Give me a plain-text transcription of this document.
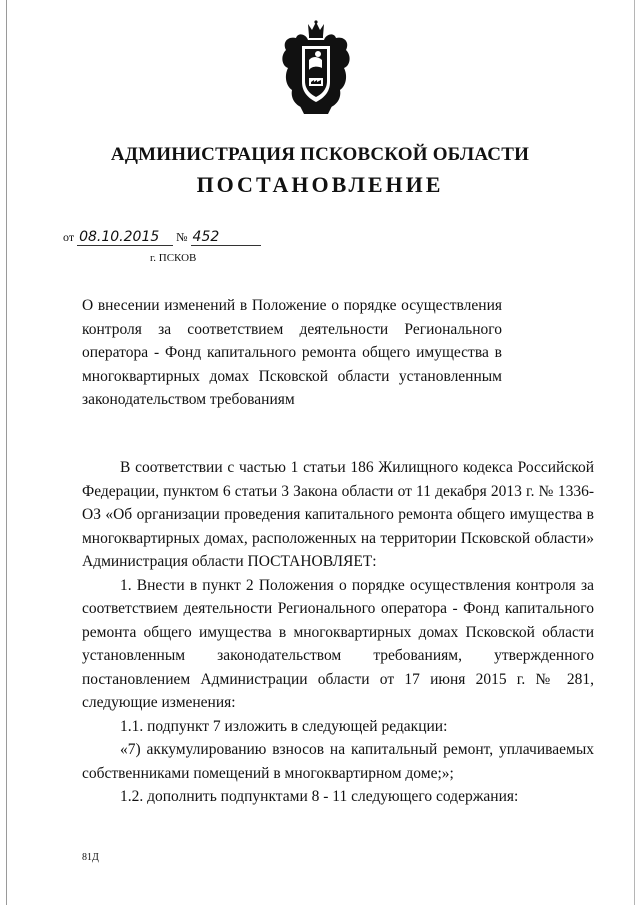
АДМИНИСТРАЦИЯ ПСКОВСКОЙ ОБЛАСТИ
ПОСТАНОВЛЕНИЕ
от 08.10.2015 № 452
г. ПСКОВ

О внесении изменений в Положение о порядке осуществления контроля за соответствием деятельности Регионального оператора - Фонд капитального ремонта общего имущества в многоквартирных домах Псковской области установленным законодательством требованиям

В соответствии с частью 1 статьи 186 Жилищного кодекса Российской Федерации, пунктом 6 статьи 3 Закона области от 11 декабря 2013 г. № 1336-ОЗ «Об организации проведения капитального ремонта общего имущества в многоквартирных домах, расположенных на территории Псковской области» Администрация области ПОСТАНОВЛЯЕТ:

1. Внести в пункт 2 Положения о порядке осуществления контроля за соответствием деятельности Регионального оператора - Фонд капитального ремонта общего имущества в многоквартирных домах Псковской области установленным законодательством требованиям, утвержденного постановлением Администрации области от 17 июня 2015 г. № 281, следующие изменения:

1.1. подпункт 7 изложить в следующей редакции:

«7) аккумулированию взносов на капитальный ремонт, уплачиваемых собственниками помещений в многоквартирном доме;»;

1.2. дополнить подпунктами 8 - 11 следующего содержания:

81Д
